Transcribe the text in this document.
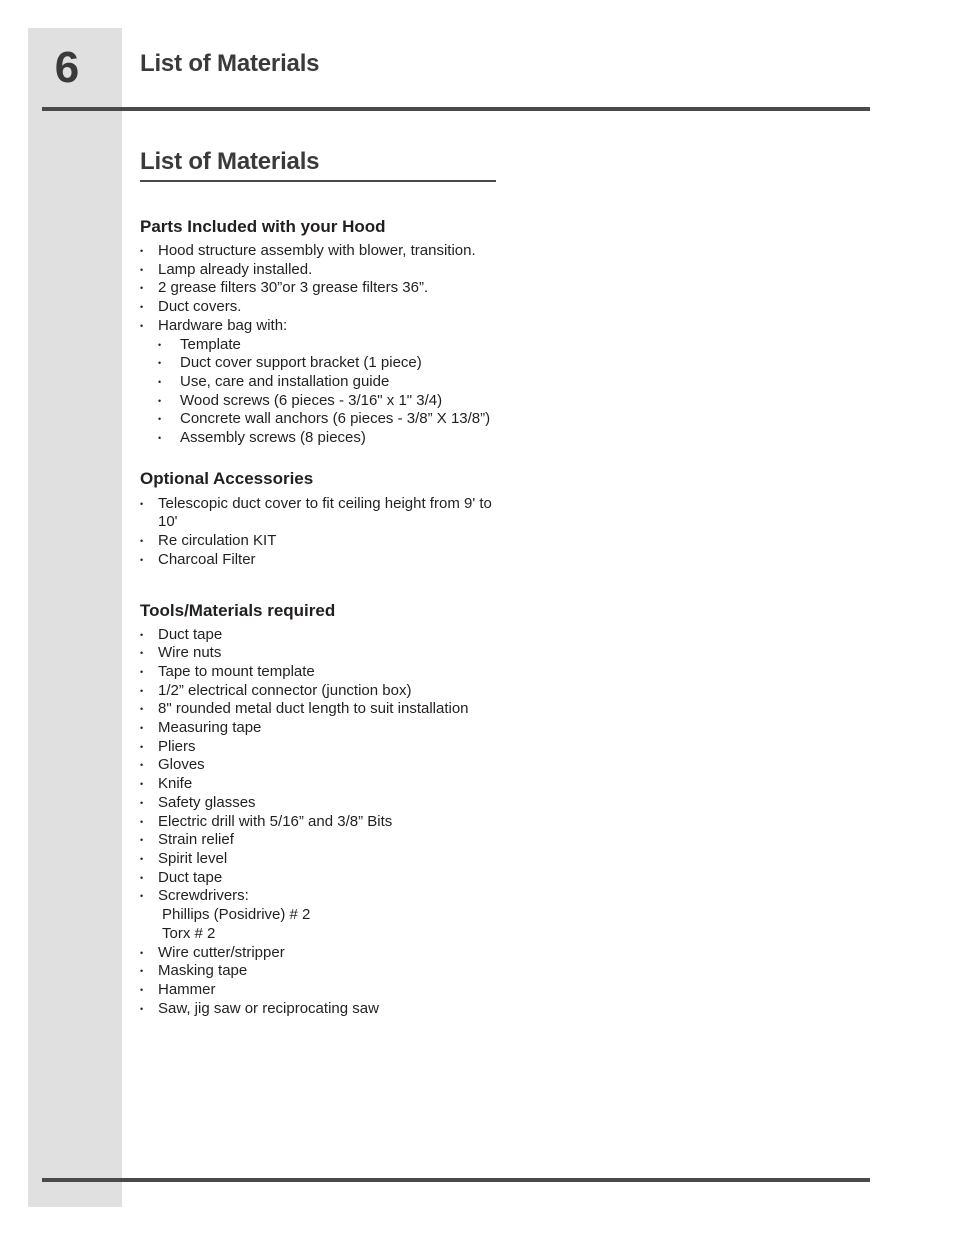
6	List of Materials
List of Materials
Parts Included with your Hood
• Hood structure assembly with blower, transition.
• Lamp already installed.
• 2 grease filters 30”or 3 grease filters 36”.
• Duct covers.
• Hardware bag with:
• Template
• Duct cover support bracket (1 piece)
• Use, care and installation guide
• Wood screws (6 pieces - 3/16" x 1" 3/4)
• Concrete wall anchors (6 pieces - 3/8” X 13/8”)
• Assembly screws (8 pieces)
Optional Accessories
• Telescopic duct cover to fit ceiling height from 9' to 10'
• Re circulation KIT
• Charcoal Filter
Tools/Materials required
• Duct tape
• Wire nuts
• Tape to mount template
• 1/2” electrical connector (junction box)
• 8" rounded metal duct length to suit installation
• Measuring tape
• Pliers
• Gloves
• Knife
• Safety glasses
• Electric drill with 5/16” and 3/8” Bits
• Strain relief
• Spirit level
• Duct tape
• Screwdrivers:
Phillips (Posidrive) # 2
Torx # 2
• Wire cutter/stripper
• Masking tape
• Hammer
• Saw, jig saw or reciprocating saw
